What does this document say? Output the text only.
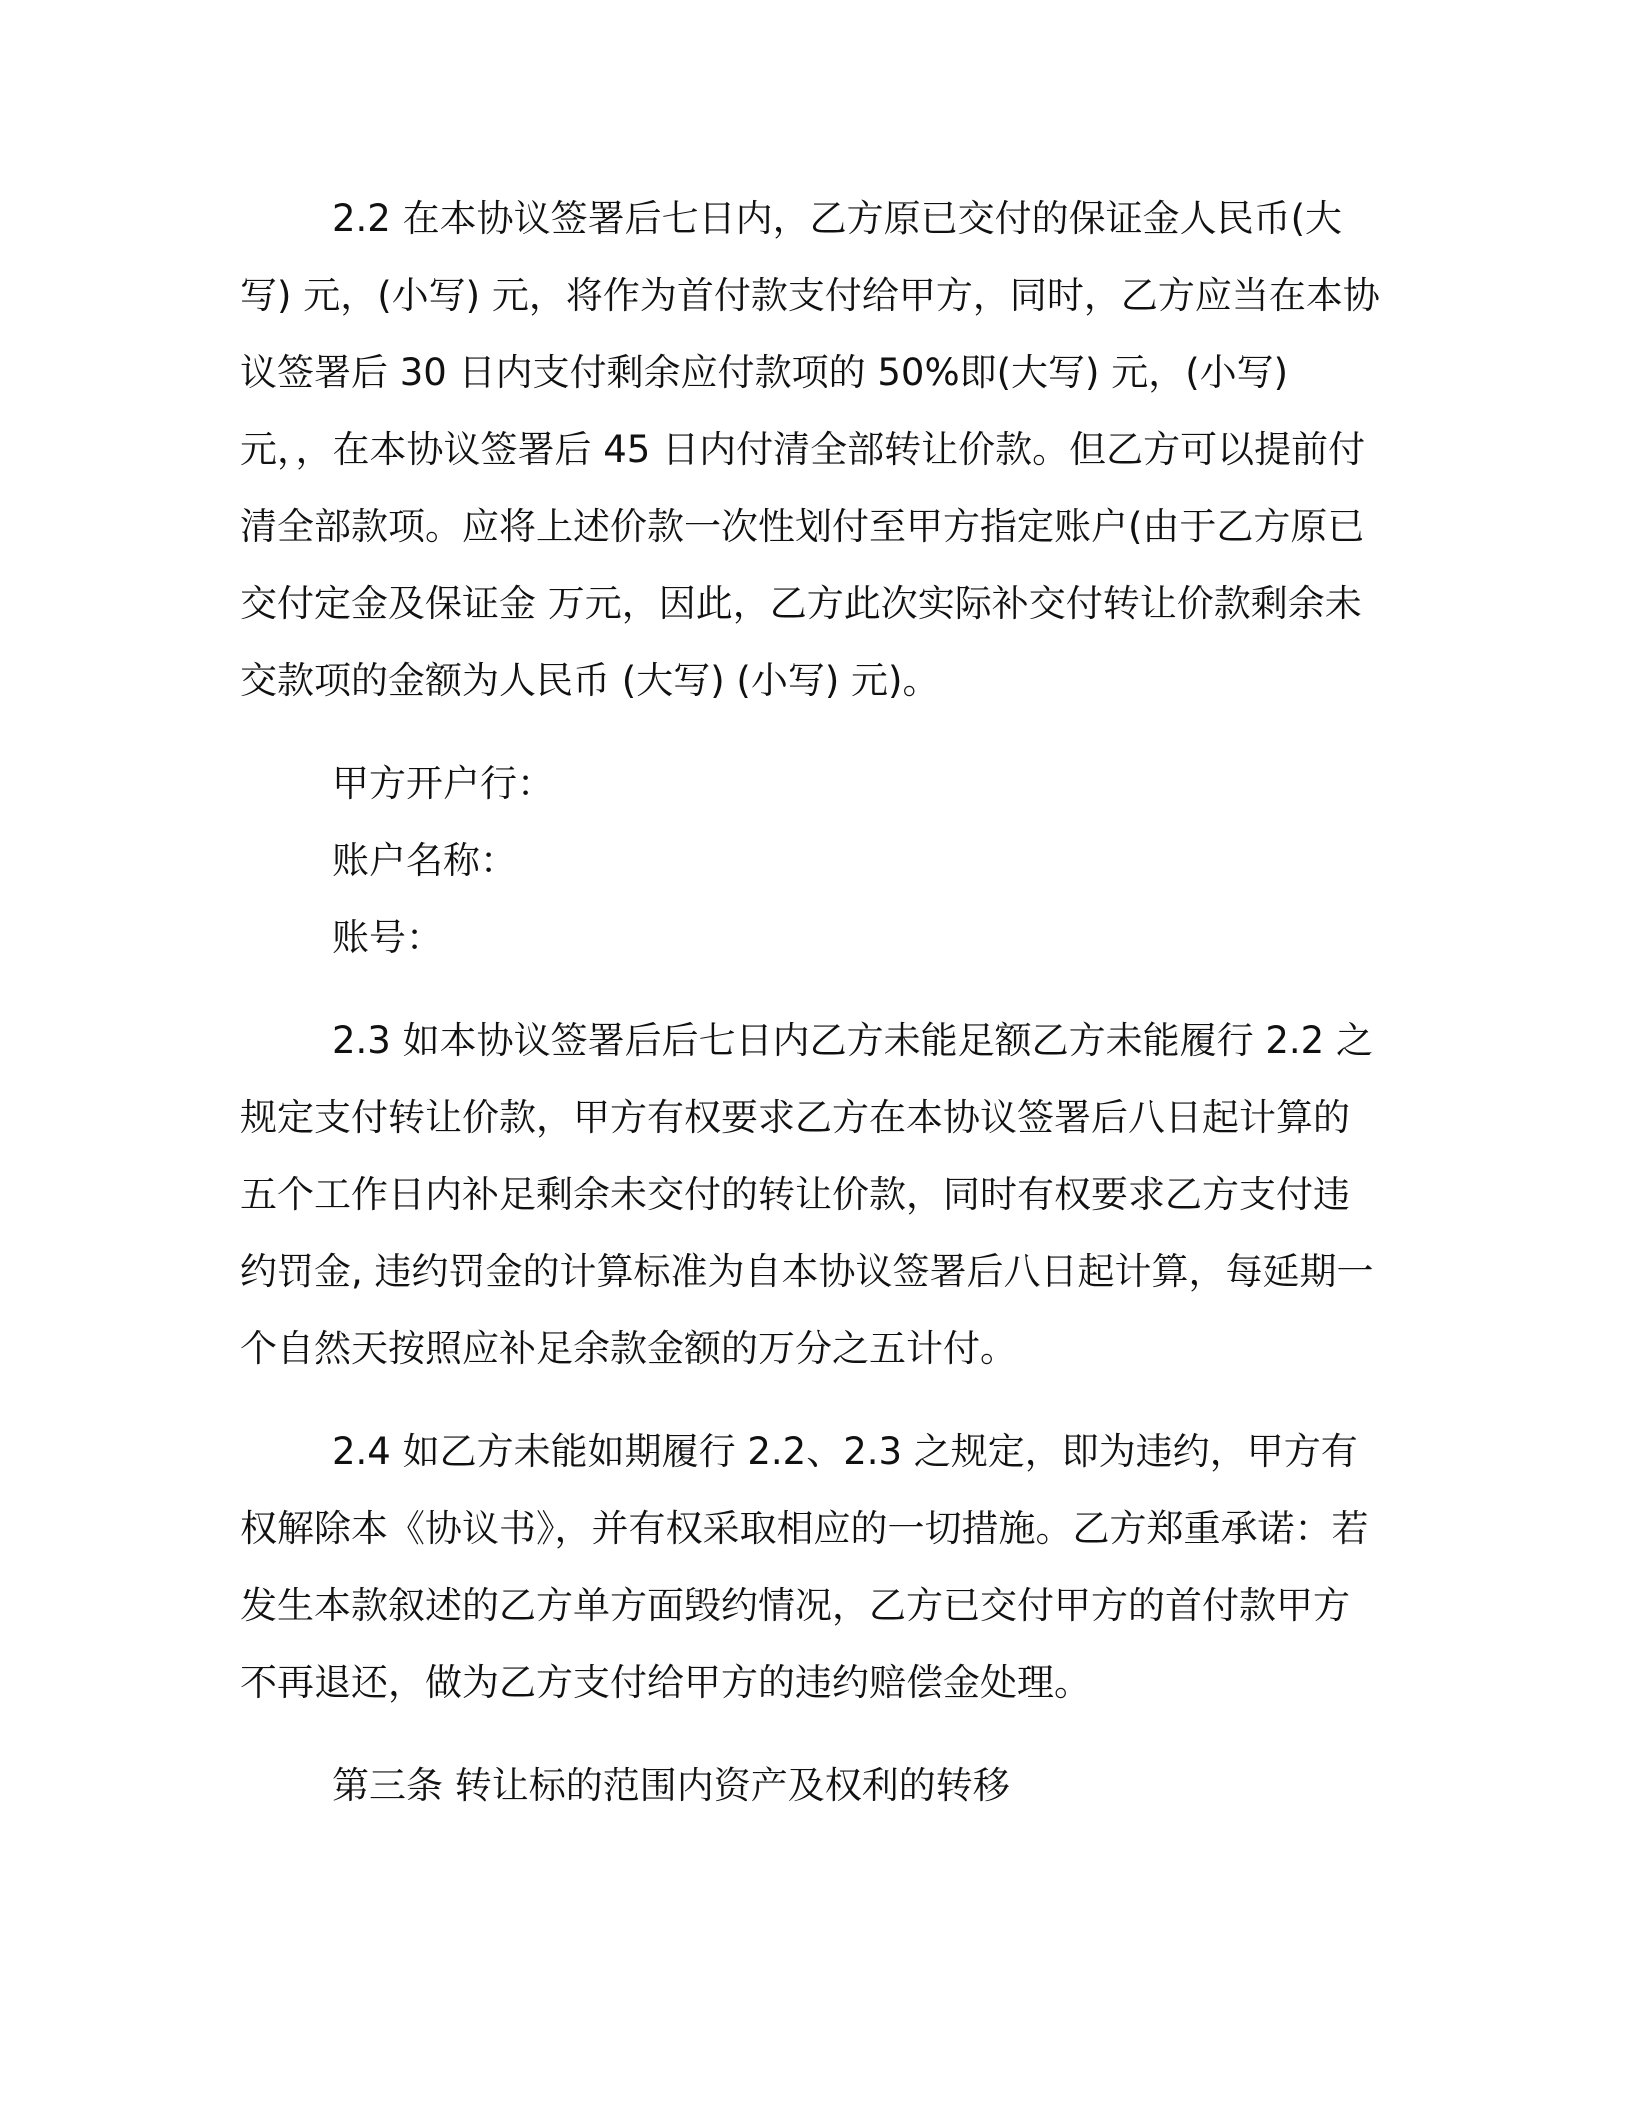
2.2 在本协议签署后七日内，乙方原已交付的保证金人民币(大写) 元，(小写) 元，将作为首付款支付给甲方，同时，乙方应当在本协议签署后 30 日内支付剩余应付款项的 50%即(大写) 元，(小写) 元，，在本协议签署后 45 日内付清全部转让价款。但乙方可以提前付清全部款项。应将上述价款一次性划付至甲方指定账户(由于乙方原已交付定金及保证金 万元，因此，乙方此次实际补交付转让价款剩余未交款项的金额为人民币 (大写) (小写) 元)。

甲方开户行：

账户名称：

账号：

2.3 如本协议签署后后七日内乙方未能足额乙方未能履行 2.2 之规定支付转让价款，甲方有权要求乙方在本协议签署后八日起计算的五个工作日内补足剩余未交付的转让价款，同时有权要求乙方支付违约罚金, 违约罚金的计算标准为自本协议签署后八日起计算，每延期一个自然天按照应补足余款金额的万分之五计付。

2.4 如乙方未能如期履行 2.2、2.3 之规定，即为违约，甲方有权解除本《协议书》，并有权采取相应的一切措施。乙方郑重承诺：若发生本款叙述的乙方单方面毁约情况，乙方已交付甲方的首付款甲方不再退还，做为乙方支付给甲方的违约赔偿金处理。

第三条 转让标的范围内资产及权利的转移
